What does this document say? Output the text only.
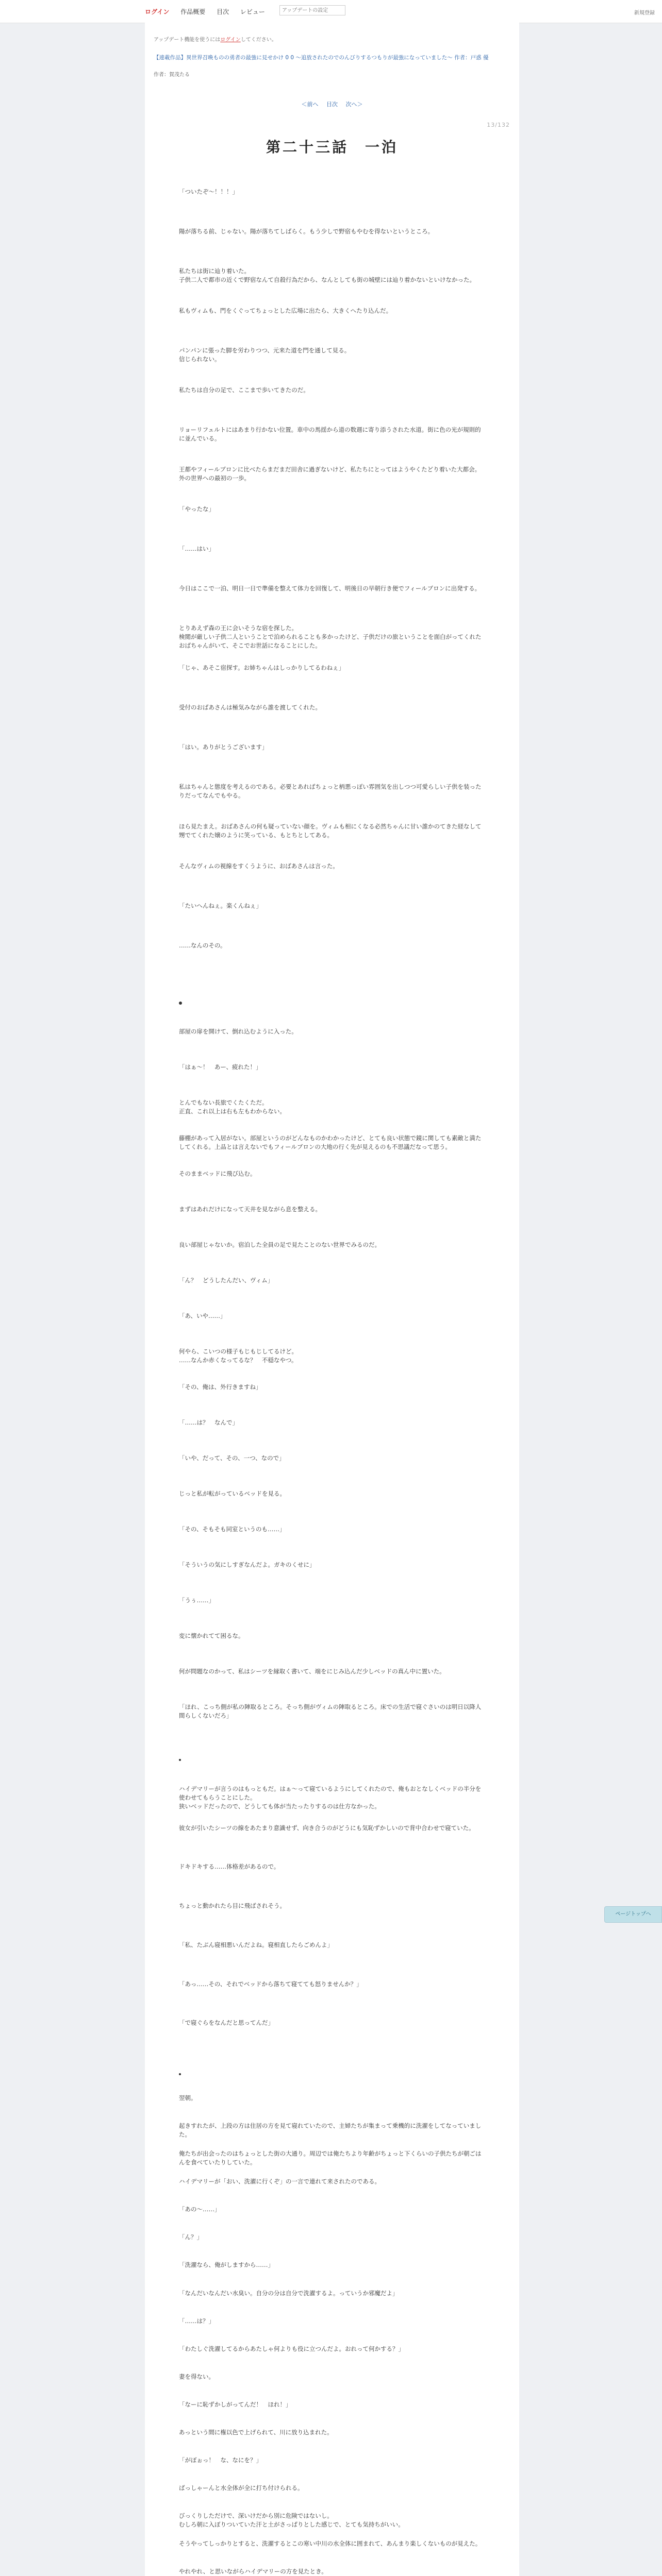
ログイン 作品概要 目次 レビュー
アップデートの設定	新規登録
アップデート機能を使うにはログインしてください。
【連載作品】異世界召喚ものの勇者の最強に見せかけ 0 0 ～追放されたのでのんびりするつもりが最強になっていました～ 作者：戸惑 優
作者：賀茂たる
＜前へ 目次 次へ＞
13/132
第二十三話　一泊

「ついたぞ〜！！！」

陽が落ちる前、じゃない。陽が落ちてしばらく。もう少しで野宿もやむを得ないというところ。

私たちは街に辿り着いた。
子供二人で都市の近くで野宿なんて自殺行為だから、なんとしても街の城壁には辿り着かないといけなかった。

私もヴィムも、門をくぐってちょっとした広場に出たら、大きくへたり込んだ。

パンパンに張った脚を労わりつつ、元来た道を門を通して見る。
信じられない。

私たちは自分の足で、ここまで歩いてきたのだ。

リョーリフェルトにはあまり行かない位置。車中の馬揺から道の数週に寄り添うされた水道。街に色の光が規則的に並んでいる。

王都やフィールブロンに比べたらまだまだ田舎に過ぎないけど、私たちにとってはようやくたどり着いた大都会。外の世界への最初の一歩。

「やったな」

「……はい」

今日はここで一泊、明日一日で準備を整えて体力を回復して、明後日の早朝行き便でフィールブロンに出発する。

とりあえず森の王に会いそうな宿を探した。
検閲が厳しい子供二人ということで泊められることも多かったけど、子供だけの旅ということを面白がってくれたおばちゃんがいて、そこでお世話になることにした。

「じゃ、あそこ宿探す。お姉ちゃんはしっかりしてるわねぇ」

受付のおばあさんは極気みながら誰を渡してくれた。

「はい。ありがとうございます」

私はちゃんと態度を考えるのである。必要とあればちょっと柄悪っぽい雰囲気を出しつつ可愛らしい子供を装ったりだってなんでもやる。

ほら見たまえ。おばあさんの何も疑っていない顔を。ヴィムも相にくなる必然ちゃんに甘い誰かのてきた経なして甥でてくれた嬢のように笑っている、もとちとしてある。

そんなヴィムの視線をすくうように、おばあさんは言った。

「たいへんねぇ。楽くんねぇ」

……なんのその。

部屋の扉を開けて、倒れ込むように入った。

「はぁ〜！　あー、疲れた！」

とんでもない長旅でくたくただ。
正直、これ以上は右も左もわからない。

藤棚があって入居がない。部屋というのがどんなものかわかったけど、とても良い状態で鏡に関しても素敵と満たしてくれる。上品とは言えないでもフィールブロンの大地の行く先が見えるのも不思議だなって思う。

そのままベッドに飛び込む。

まずはあれだけになって天井を見ながら息を整える。

良い部屋じゃないか。宿泊した全員の足で見たことのない世界でみるのだ。

「ん？　どうしたんだい、ヴィム」

「あ、いや……」

何やら、こいつの様子もじもじしてるけど。
……なんか赤くなってるな？　不穏なやつ。

「その、俺は、外行きますね」

「……は？　なんで」

「いや、だって、その、一つ、なので」

じっと私が転がっているベッドを見る。

「その、そもそも同室というのも……」

「そういうの気にしすぎなんだよ。ガキのくせに」

「うぅ……」

変に懐かれてて困るな。

何が問題なのかって、私はシーツを縁取く書いて、端をにじみ込んだ少しベッドの真ん中に置いた。

「ほれ、こっち側が私の陣取るところ。そっち側がヴィムの陣取るところ。床での生活で寝ぐさいのは明日以降人間らしくないだろ」

ハイデマリーが言うのはもっともだ。はぁ〜って寝ているようにしてくれたので、俺もおとなしくベッドの半分を使わせてもらうことにした。
狭いベッドだったので、どうしても体が当たったりするのは仕方なかった。

彼女が引いたシーツの線をあたまり意識せず、向き合うのがどうにも気恥ずかしいので背中合わせで寝ていた。

ドキドキする……体格差があるので。

ちょっと動かれたら目に飛ばされそう。

「私、たぶん寝相悪いんだよね。寝相直したらごめんよ」

「あっ……その、それでベッドから落ちて寝てても怒りませんか？」

「で寝ぐらをなんだと思ってんだ」

翌朝。

起きすれたが、上段の方は住居の方を見て寝れていたので、主婦たちが集まって乗機的に洗濯をしてなっていました。

俺たちが出会ったのはちょっとした街の大通り。周辺では俺たちより年齢がちょっと下くらいの子供たちが朝ごはんを食べていたりしていた。

ハイデマリーが「おい、洗濯に行くぞ」の一言で連れて来されたのである。

「あの〜……」

「ん？」

「洗濯なら、俺がしますから……」

「なんだいなんだい水臭い。自分の分は自分で洗濯するよ。っていうか邪魔だよ」

「……は？」

「わたしぐ洗濯してるからあたしゃ何よりも役に立つんだよ。おれって何かする？」

妻を得ない。

「なーに恥ずかしがってんだ！　ほれ！」

あっという間に権以色で上げられて、川に放り込まれた。

「がぼぉっ！　な、なにを？」

ばっしゃーんと水全体が全に打ち付けられる。

びっくりしただけで、深いけだから別に危険ではないし。
むしろ朝に入ぼりついていた汗と土がさっぱりとした感じで、とても気持ちがいい。

そうやってしっかりとすると、洗濯するとこの寒い中川の水全体に囲まれて、あんまり楽しくないものが見えた。

やれやれ、と思いながらハイデマリーの方を見たとき。

ページトップへ
